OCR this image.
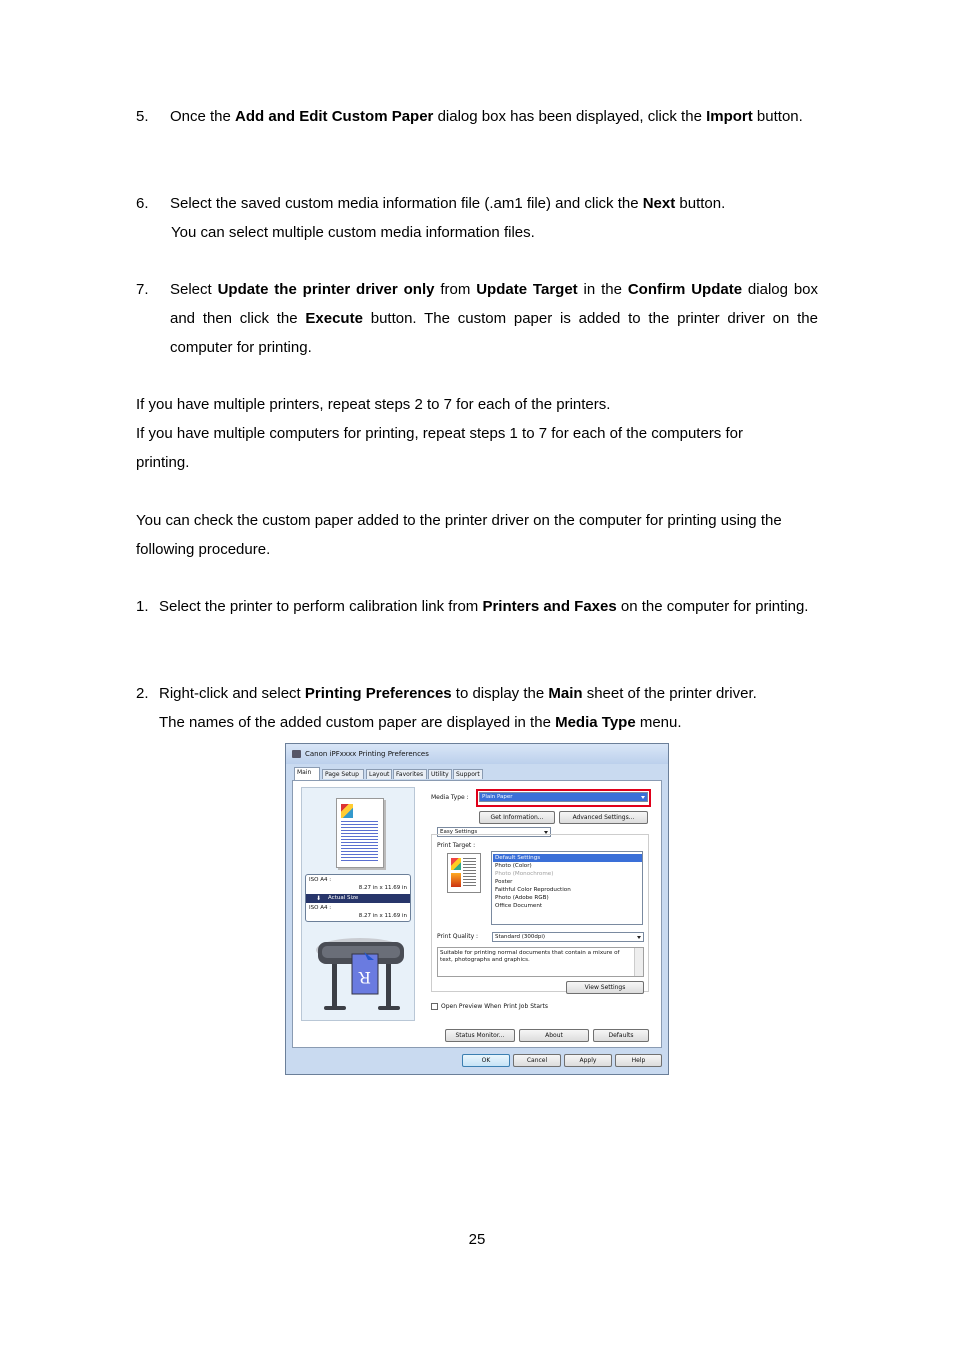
5. Once the Add and Edit Custom Paper dialog box has been displayed, click the Import button.
6. Select the saved custom media information file (.am1 file) and click the Next button.
You can select multiple custom media information files.
7. Select Update the printer driver only from Update Target in the Confirm Update dialog box and then click the Execute button. The custom paper is added to the printer driver on the computer for printing.
If you have multiple printers, repeat steps 2 to 7 for each of the printers.
If you have multiple computers for printing, repeat steps 1 to 7 for each of the computers for printing.
You can check the custom paper added to the printer driver on the computer for printing using the following procedure.
1. Select the printer to perform calibration link from Printers and Faxes on the computer for printing.
2. Right-click and select Printing Preferences to display the Main sheet of the printer driver.
The names of the added custom paper are displayed in the Media Type menu.
Canon iPFxxxx Printing Preferences
Main	Page Setup	Layout	Favorites	Utility	Support
ISO A4 :
8.27 in x 11.69 in
⬇ Actual Size
ISO A4 :
8.27 in x 11.69 in
R
Media Type :	Plain Paper
Get Information...	Advanced Settings...
Easy Settings
Print Target :
Default Settings
Photo (Color)
Photo (Monochrome)
Poster
Faithful Color Reproduction
Photo (Adobe RGB)
Office Document
Print Quality :	Standard (300dpi)
Suitable for printing normal documents that contain a mixure of text, photographs and graphics.
View Settings
Open Preview When Print Job Starts
Status Monitor...	About	Defaults
OK	Cancel	Apply	Help
25
